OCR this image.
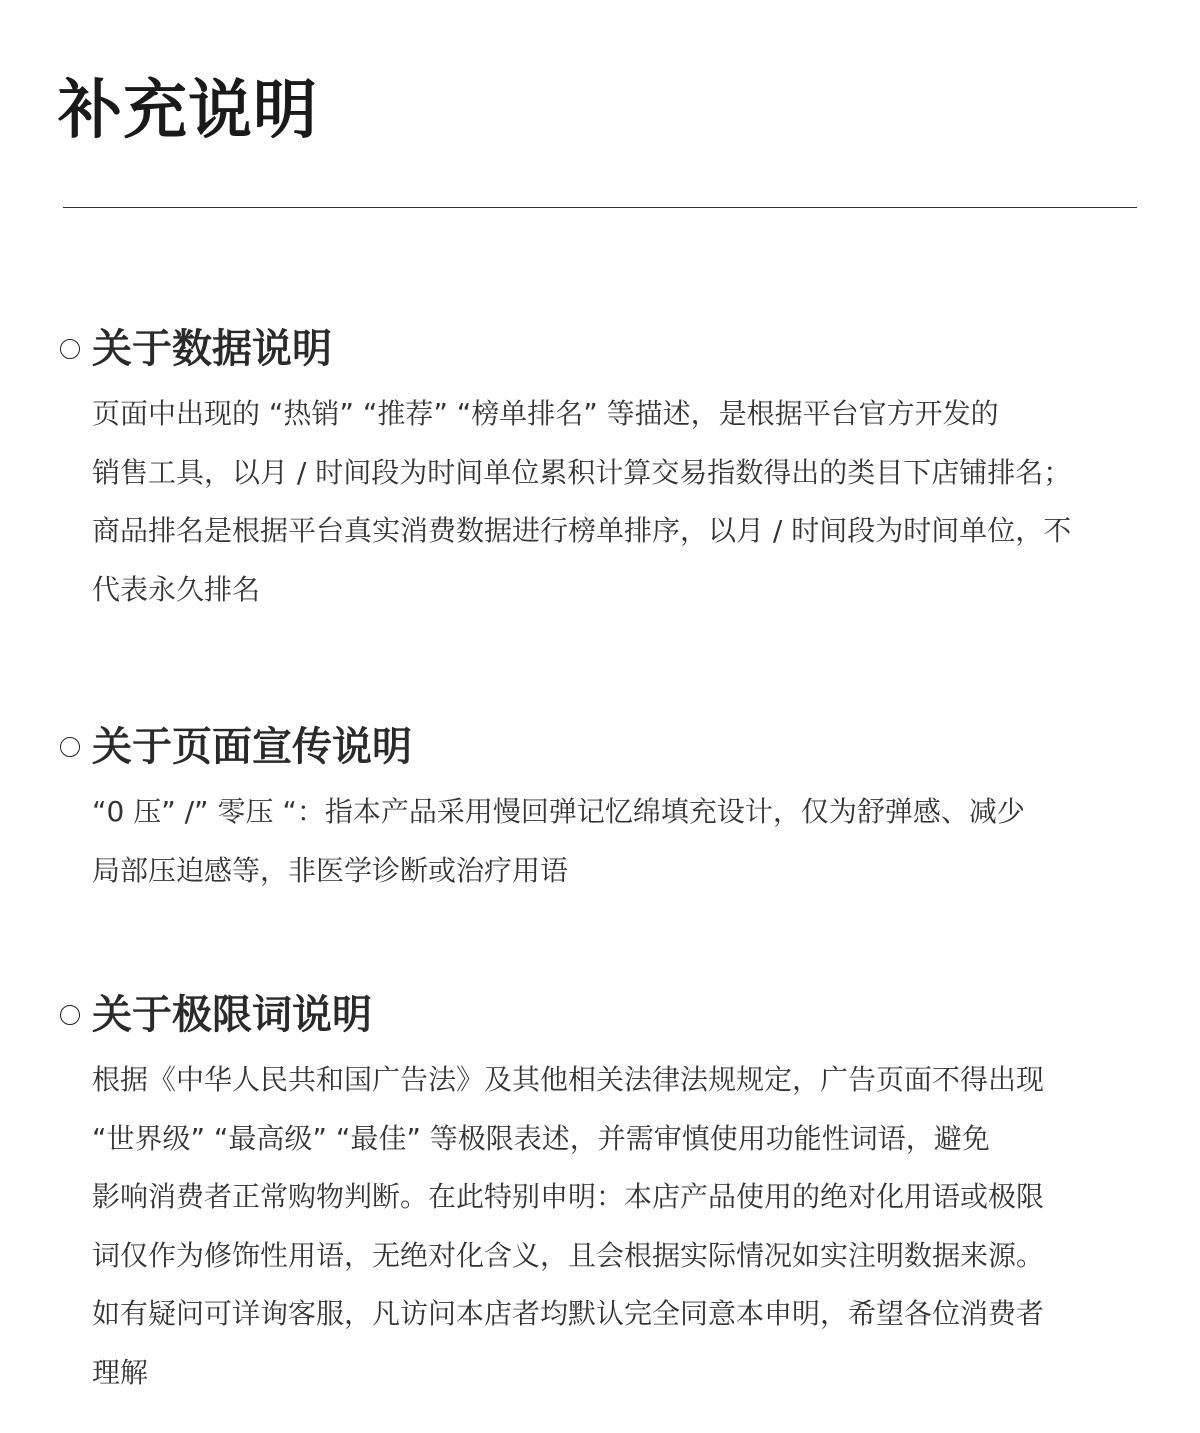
补充说明
关于数据说明
页面中出现的 “热销” “推荐” “榜单排名” 等描述，是根据平台官方开发的
销售工具，以月 / 时间段为时间单位累积计算交易指数得出的类目下店铺排名；
商品排名是根据平台真实消费数据进行榜单排序，以月 / 时间段为时间单位，不
代表永久排名
关于页面宣传说明
“0 压” /” 零压 “：指本产品采用慢回弹记忆绵填充设计，仅为舒弹感、减少
局部压迫感等，非医学诊断或治疗用语
关于极限词说明
根据《中华人民共和国广告法》及其他相关法律法规规定，广告页面不得出现
“世界级” “最高级” “最佳” 等极限表述，并需审慎使用功能性词语，避免
影响消费者正常购物判断。在此特别申明：本店产品使用的绝对化用语或极限
词仅作为修饰性用语，无绝对化含义，且会根据实际情况如实注明数据来源。
如有疑问可详询客服，凡访问本店者均默认完全同意本申明，希望各位消费者
理解
